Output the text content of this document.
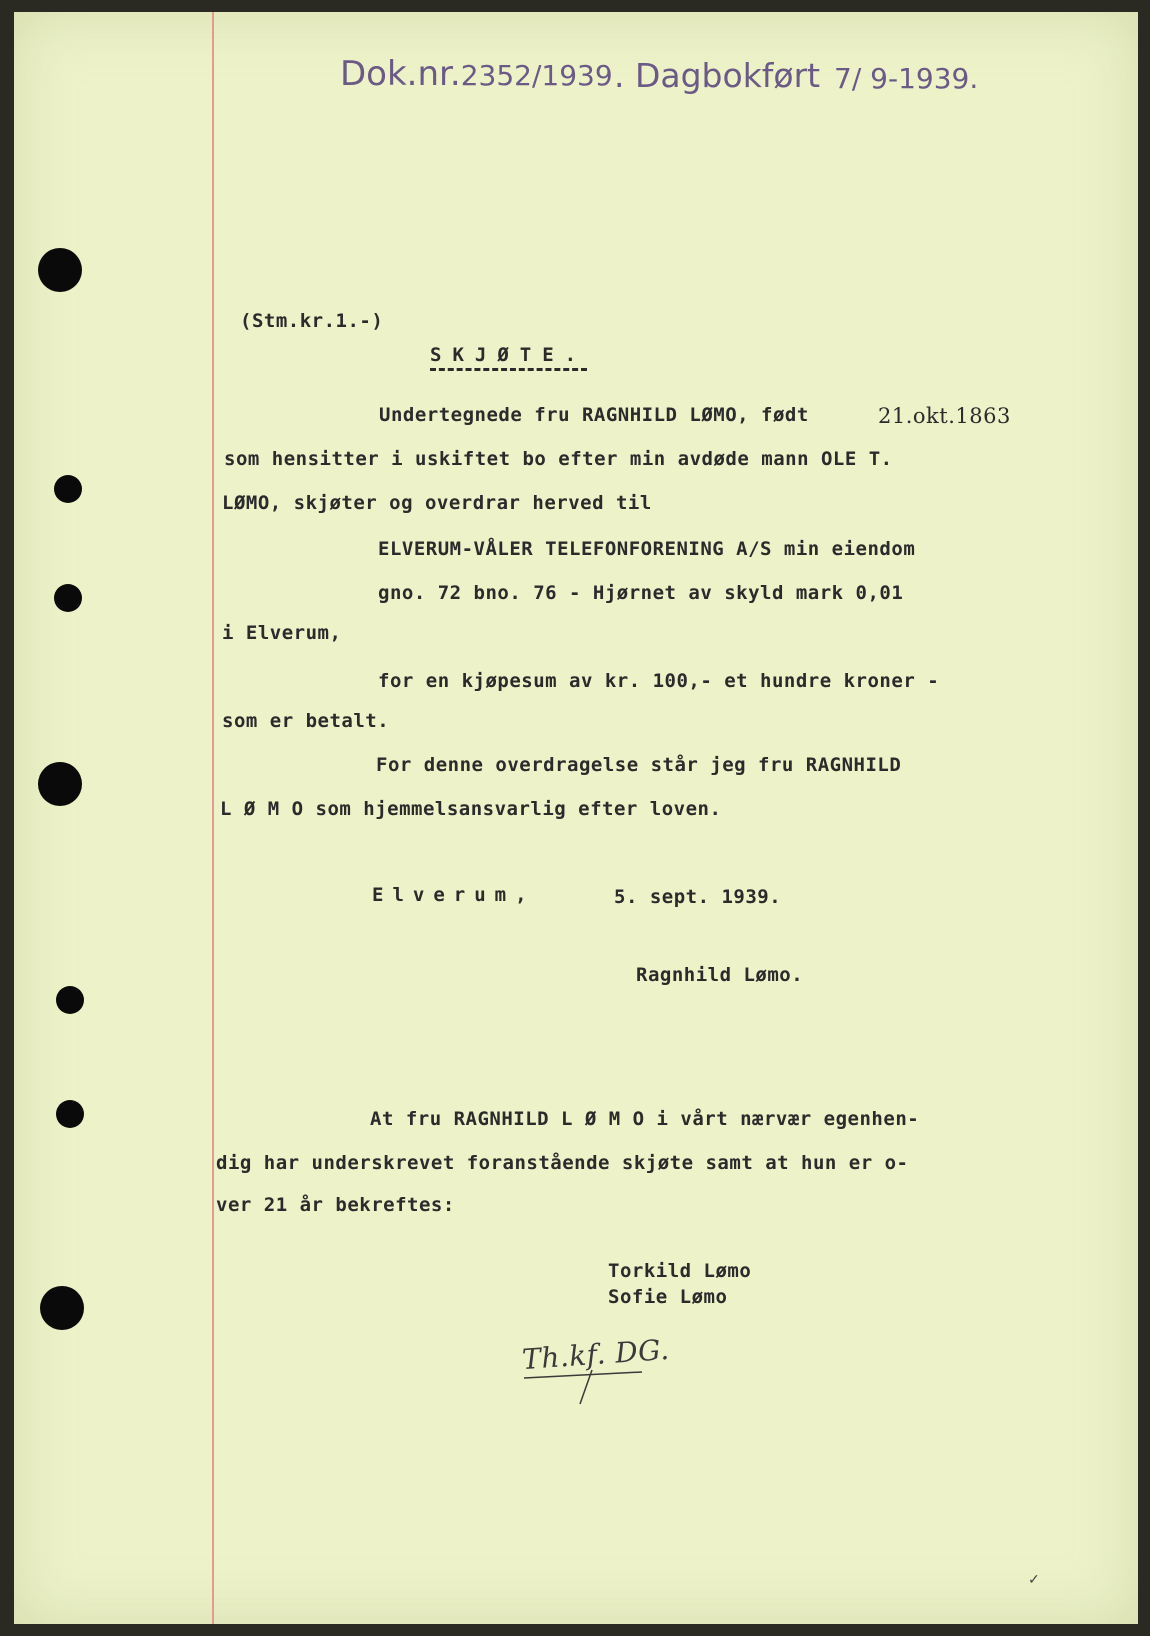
Dok.nr.2352/1939 . Dagbokført 7/ 9-1939.
(Stm.kr.1.-)
SKJØTE.
Undertegnede fru RAGNHILD LØMO, født	21.okt.1863
som hensitter i uskiftet bo efter min avdøde mann OLE T.
LØMO, skjøter og overdrar herved til
ELVERUM-VÅLER TELEFONFORENING A/S min eiendom
gno. 72 bno. 76 - Hjørnet av skyld mark 0,01
i Elverum,
for en kjøpesum av kr. 100,- et hundre kroner -
som er betalt.
For denne overdragelse står jeg fru RAGNHILD
L Ø M O som hjemmelsansvarlig efter loven.
Elverum,	5. sept. 1939.
Ragnhild Lømo.
At fru RAGNHILD L Ø M O i vårt nærvær egenhen-
dig har underskrevet foranstående skjøte samt at hun er o-
ver 21 år bekreftes:
Torkild Lømo
Sofie Lømo
Th.kf. DG.
✓
